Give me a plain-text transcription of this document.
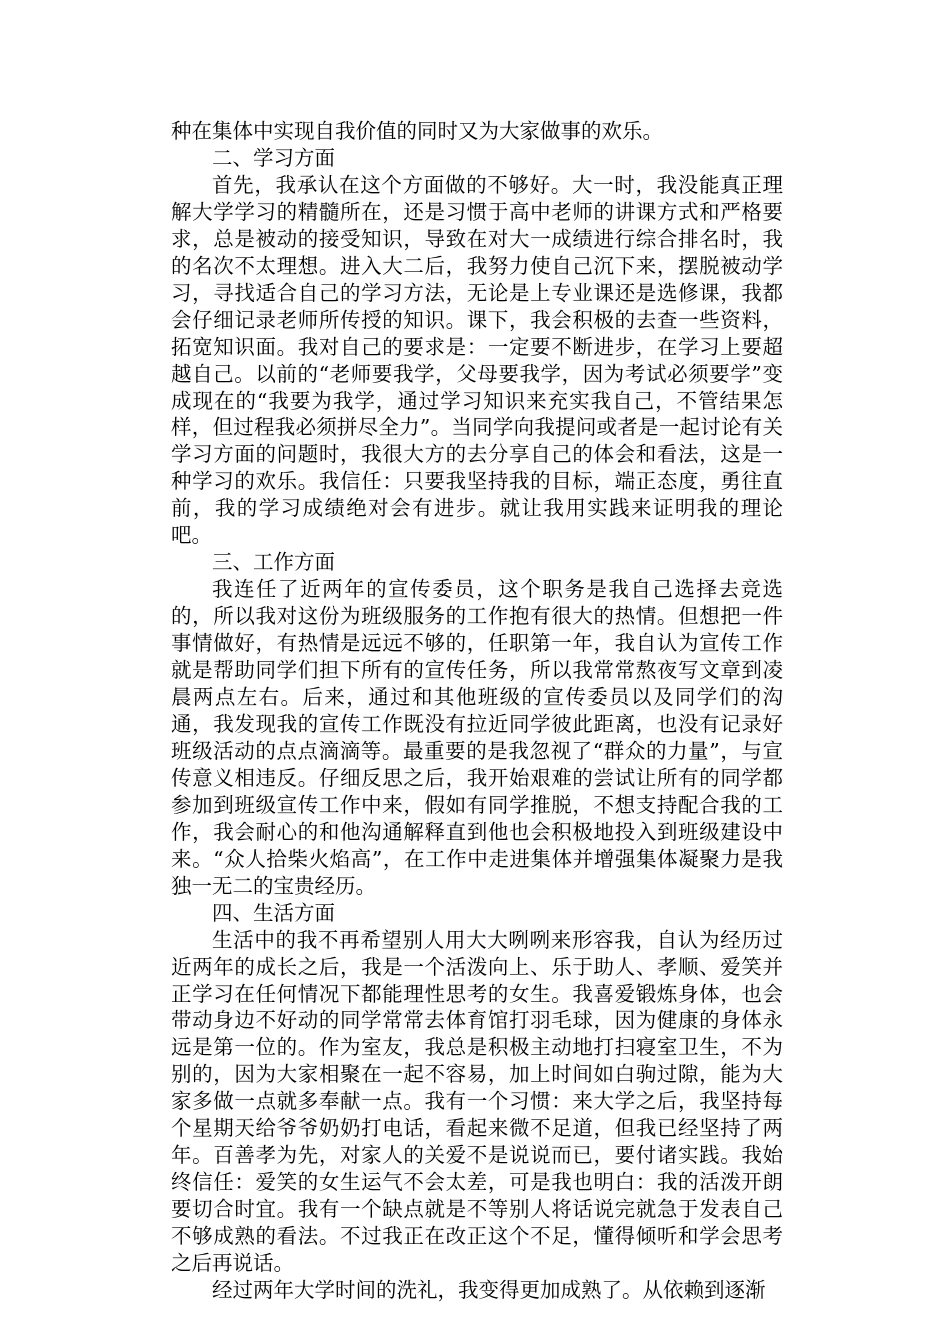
种在集体中实现自我价值的同时又为大家做事的欢乐。

二、学习方面

首先，我承认在这个方面做的不够好。大一时，我没能真正理解大学学习的精髓所在，还是习惯于高中老师的讲课方式和严格要求，总是被动的接受知识，导致在对大一成绩进行综合排名时，我的名次不太理想。进入大二后，我努力使自己沉下来，摆脱被动学习，寻找适合自己的学习方法，无论是上专业课还是选修课，我都会仔细记录老师所传授的知识。课下，我会积极的去查一些资料，拓宽知识面。我对自己的要求是：一定要不断进步，在学习上要超越自己。以前的“老师要我学，父母要我学，因为考试必须要学”变成现在的“我要为我学，通过学习知识来充实我自己，不管结果怎样，但过程我必须拼尽全力”。当同学向我提问或者是一起讨论有关学习方面的问题时，我很大方的去分享自己的体会和看法，这是一种学习的欢乐。我信任：只要我坚持我的目标，端正态度，勇往直前，我的学习成绩绝对会有进步。就让我用实践来证明我的理论吧。

三、工作方面

我连任了近两年的宣传委员，这个职务是我自己选择去竞选的，所以我对这份为班级服务的工作抱有很大的热情。但想把一件事情做好，有热情是远远不够的，任职第一年，我自认为宣传工作就是帮助同学们担下所有的宣传任务，所以我常常熬夜写文章到凌晨两点左右。后来，通过和其他班级的宣传委员以及同学们的沟通，我发现我的宣传工作既没有拉近同学彼此距离，也没有记录好班级活动的点点滴滴等。最重要的是我忽视了“群众的力量”，与宣传意义相违反。仔细反思之后，我开始艰难的尝试让所有的同学都参加到班级宣传工作中来，假如有同学推脱，不想支持配合我的工作，我会耐心的和他沟通解释直到他也会积极地投入到班级建设中来。“众人拾柴火焰高”，在工作中走进集体并增强集体凝聚力是我独一无二的宝贵经历。

四、生活方面

生活中的我不再希望别人用大大咧咧来形容我，自认为经历过近两年的成长之后，我是一个活泼向上、乐于助人、孝顺、爱笑并正学习在任何情况下都能理性思考的女生。我喜爱锻炼身体，也会带动身边不好动的同学常常去体育馆打羽毛球，因为健康的身体永远是第一位的。作为室友，我总是积极主动地打扫寝室卫生，不为别的，因为大家相聚在一起不容易，加上时间如白驹过隙，能为大家多做一点就多奉献一点。我有一个习惯：来大学之后，我坚持每个星期天给爷爷奶奶打电话，看起来微不足道，但我已经坚持了两年。百善孝为先，对家人的关爱不是说说而已，要付诸实践。我始终信任：爱笑的女生运气不会太差，可是我也明白：我的活泼开朗要切合时宜。我有一个缺点就是不等别人将话说完就急于发表自己不够成熟的看法。不过我正在改正这个不足，懂得倾听和学会思考之后再说话。

经过两年大学时间的洗礼，我变得更加成熟了。从依赖到逐渐
